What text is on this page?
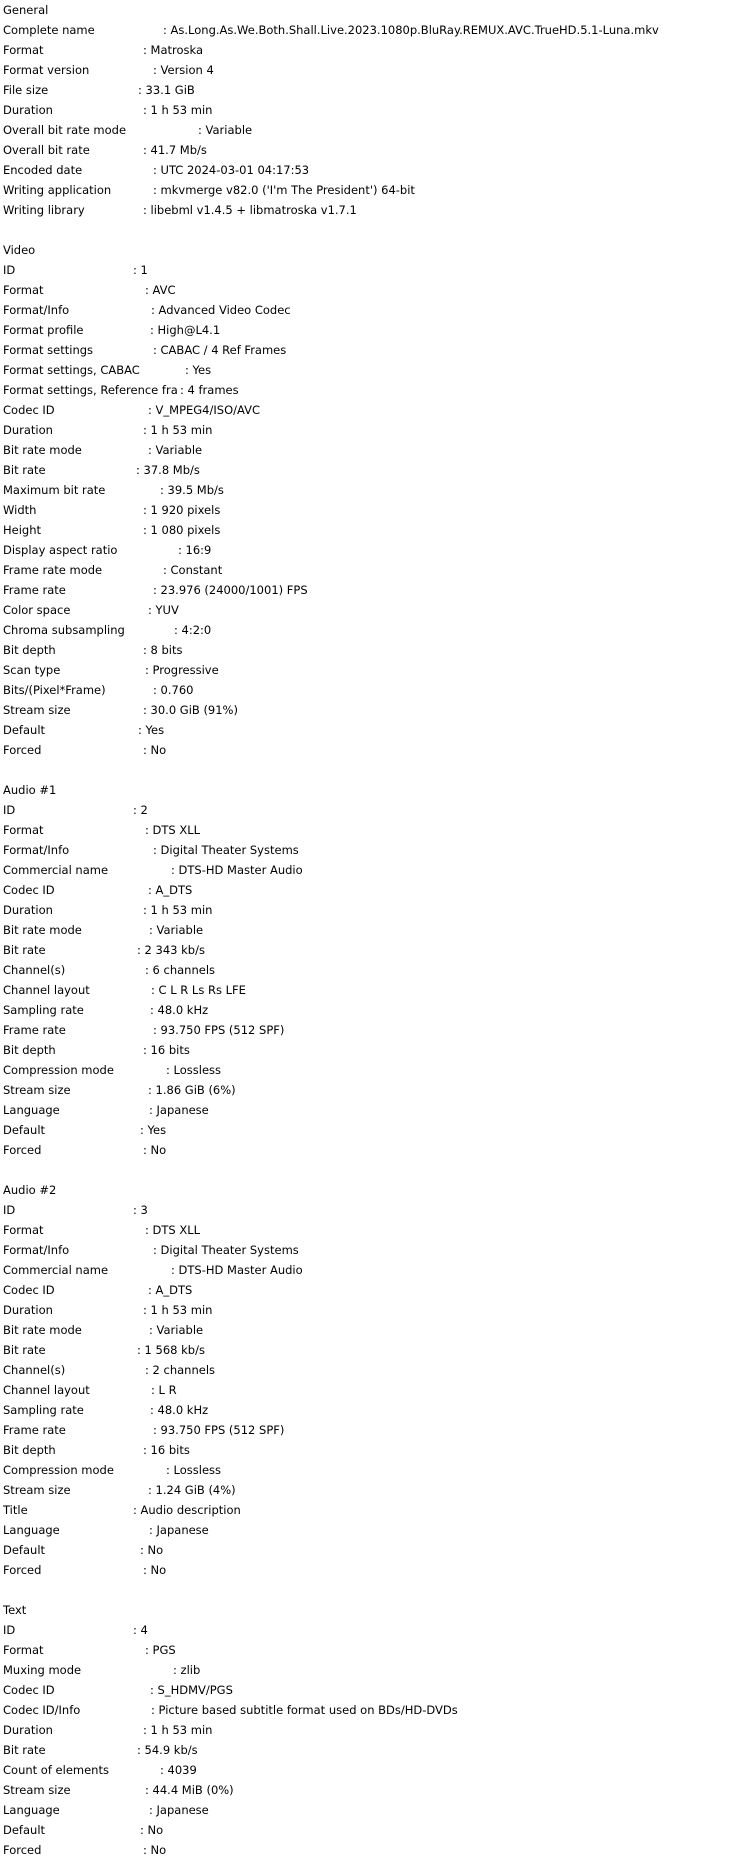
General
Complete name	: As.Long.As.We.Both.Shall.Live.2023.1080p.BluRay.REMUX.AVC.TrueHD.5.1-Luna.mkv
Format	: Matroska
Format version	: Version 4
File size	: 33.1 GiB
Duration	: 1 h 53 min
Overall bit rate mode	: Variable
Overall bit rate	: 41.7 Mb/s
Encoded date	: UTC 2024-03-01 04:17:53
Writing application	: mkvmerge v82.0 ('I'm The President') 64-bit
Writing library	: libebml v1.4.5 + libmatroska v1.7.1
Video
ID	: 1
Format	: AVC
Format/Info	: Advanced Video Codec
Format profile	: High@L4.1
Format settings	: CABAC / 4 Ref Frames
Format settings, CABAC	: Yes
Format settings, Reference fra : 4 frames
Codec ID	: V_MPEG4/ISO/AVC
Duration	: 1 h 53 min
Bit rate mode	: Variable
Bit rate	: 37.8 Mb/s
Maximum bit rate	: 39.5 Mb/s
Width	: 1 920 pixels
Height	: 1 080 pixels
Display aspect ratio	: 16:9
Frame rate mode	: Constant
Frame rate	: 23.976 (24000/1001) FPS
Color space	: YUV
Chroma subsampling	: 4:2:0
Bit depth	: 8 bits
Scan type	: Progressive
Bits/(Pixel*Frame)	: 0.760
Stream size	: 30.0 GiB (91%)
Default	: Yes
Forced	: No
Audio #1
ID	: 2
Format	: DTS XLL
Format/Info	: Digital Theater Systems
Commercial name	: DTS-HD Master Audio
Codec ID	: A_DTS
Duration	: 1 h 53 min
Bit rate mode	: Variable
Bit rate	: 2 343 kb/s
Channel(s)	: 6 channels
Channel layout	: C L R Ls Rs LFE
Sampling rate	: 48.0 kHz
Frame rate	: 93.750 FPS (512 SPF)
Bit depth	: 16 bits
Compression mode	: Lossless
Stream size	: 1.86 GiB (6%)
Language	: Japanese
Default	: Yes
Forced	: No
Audio #2
ID	: 3
Format	: DTS XLL
Format/Info	: Digital Theater Systems
Commercial name	: DTS-HD Master Audio
Codec ID	: A_DTS
Duration	: 1 h 53 min
Bit rate mode	: Variable
Bit rate	: 1 568 kb/s
Channel(s)	: 2 channels
Channel layout	: L R
Sampling rate	: 48.0 kHz
Frame rate	: 93.750 FPS (512 SPF)
Bit depth	: 16 bits
Compression mode	: Lossless
Stream size	: 1.24 GiB (4%)
Title	: Audio description
Language	: Japanese
Default	: No
Forced	: No
Text
ID	: 4
Format	: PGS
Muxing mode	: zlib
Codec ID	: S_HDMV/PGS
Codec ID/Info	: Picture based subtitle format used on BDs/HD-DVDs
Duration	: 1 h 53 min
Bit rate	: 54.9 kb/s
Count of elements	: 4039
Stream size	: 44.4 MiB (0%)
Language	: Japanese
Default	: No
Forced	: No
